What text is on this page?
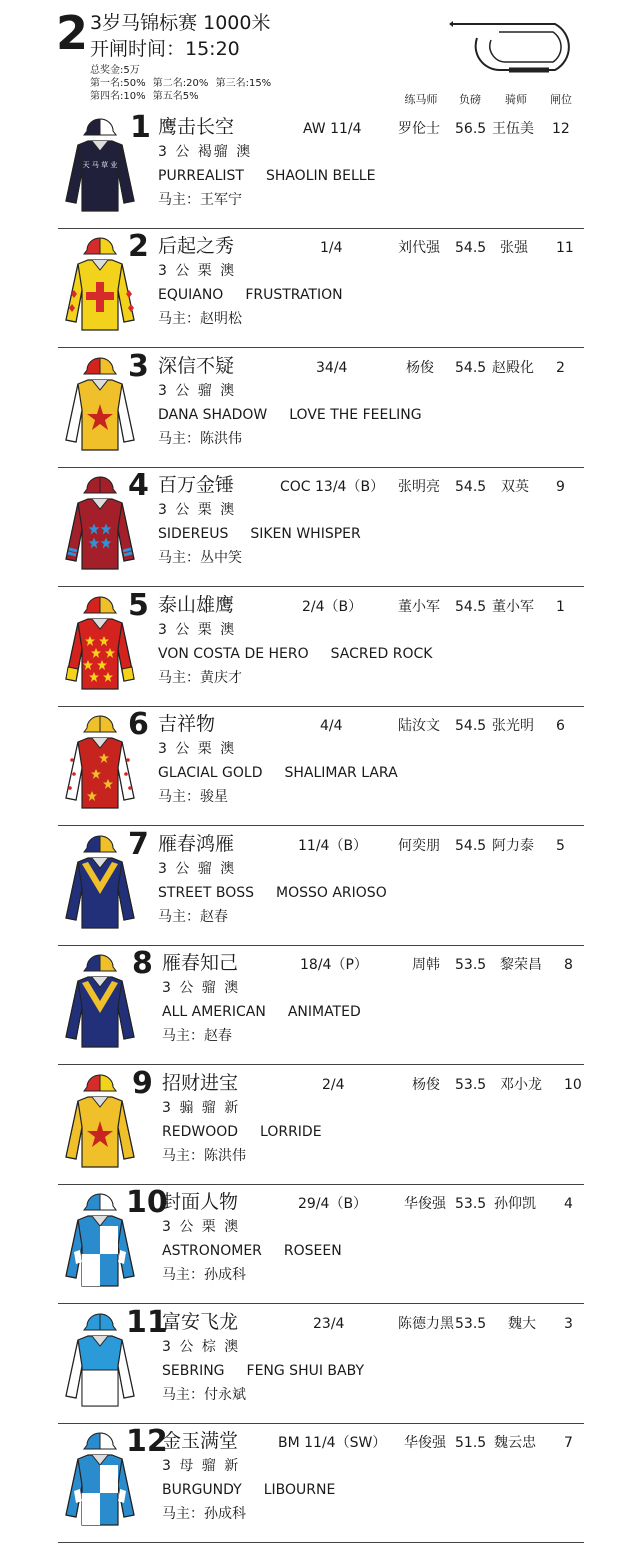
2 3岁马锦标赛 1000米
开闸时间：15:20
总奖金:5万
第一名:50% 第二名:20% 第三名:15%
第四名:10% 第五名5%	练马师	负磅	骑师	闸位
天 马 草 业
1 鹰击长空	AW 11/4	罗伦士 56.5 王伍美 12
3 公 褐骝 澳
马主：王军宁
PURREALIST SHAOLIN BELLE
2 后起之秀	1/4	刘代强 54.5 张强 11
3 公 栗 澳
马主：赵明松
EQUIANO FRUSTRATION
3 深信不疑	34/4	杨俊 54.5 赵殿化 2
3 公 骝 澳
马主：陈洪伟
DANA SHADOW LOVE THE FEELING
4 百万金锤	COC 13/4（B） 张明亮 54.5 双英 9
3 公 栗 澳
马主：丛中笑
SIDEREUS SIKEN WHISPER
5 泰山雄鹰	2/4（B）	董小军 54.5 董小军 1
3 公 栗 澳
马主：黄庆才
VON COSTA DE HERO SACRED ROCK
6 吉祥物	4/4	陆汝文 54.5 张光明 6
3 公 栗 澳
马主：骏星
GLACIAL GOLD SHALIMAR LARA
7 雁春鸿雁	11/4（B） 何奕朋 54.5 阿力泰 5
3 公 骝 澳
马主：赵春
STREET BOSS MOSSO ARIOSO
8 雁春知己	18/4（P）	周韩 53.5 黎荣昌 8
3 公 骝 澳
马主：赵春
ALL AMERICAN ANIMATED
9 招财进宝	2/4	杨俊 53.5 邓小龙 10
3 骟 骝 新
马主：陈洪伟
REDWOOD LORRIDE
10
封面人物	29/4（B）	华俊强 53.5 孙仰凯 4
3 公 栗 澳
马主：孙成科
ASTRONOMER ROSEEN
11
富安飞龙	23/4	陈德力黑 53.5 魏大 3
3 公 棕 澳
马主：付永斌
SEBRING FENG SHUI BABY
12
金玉满堂	BM 11/4（SW） 华俊强 51.5 魏云忠 7
3 母 骝 新
马主：孙成科
BURGUNDY LIBOURNE
